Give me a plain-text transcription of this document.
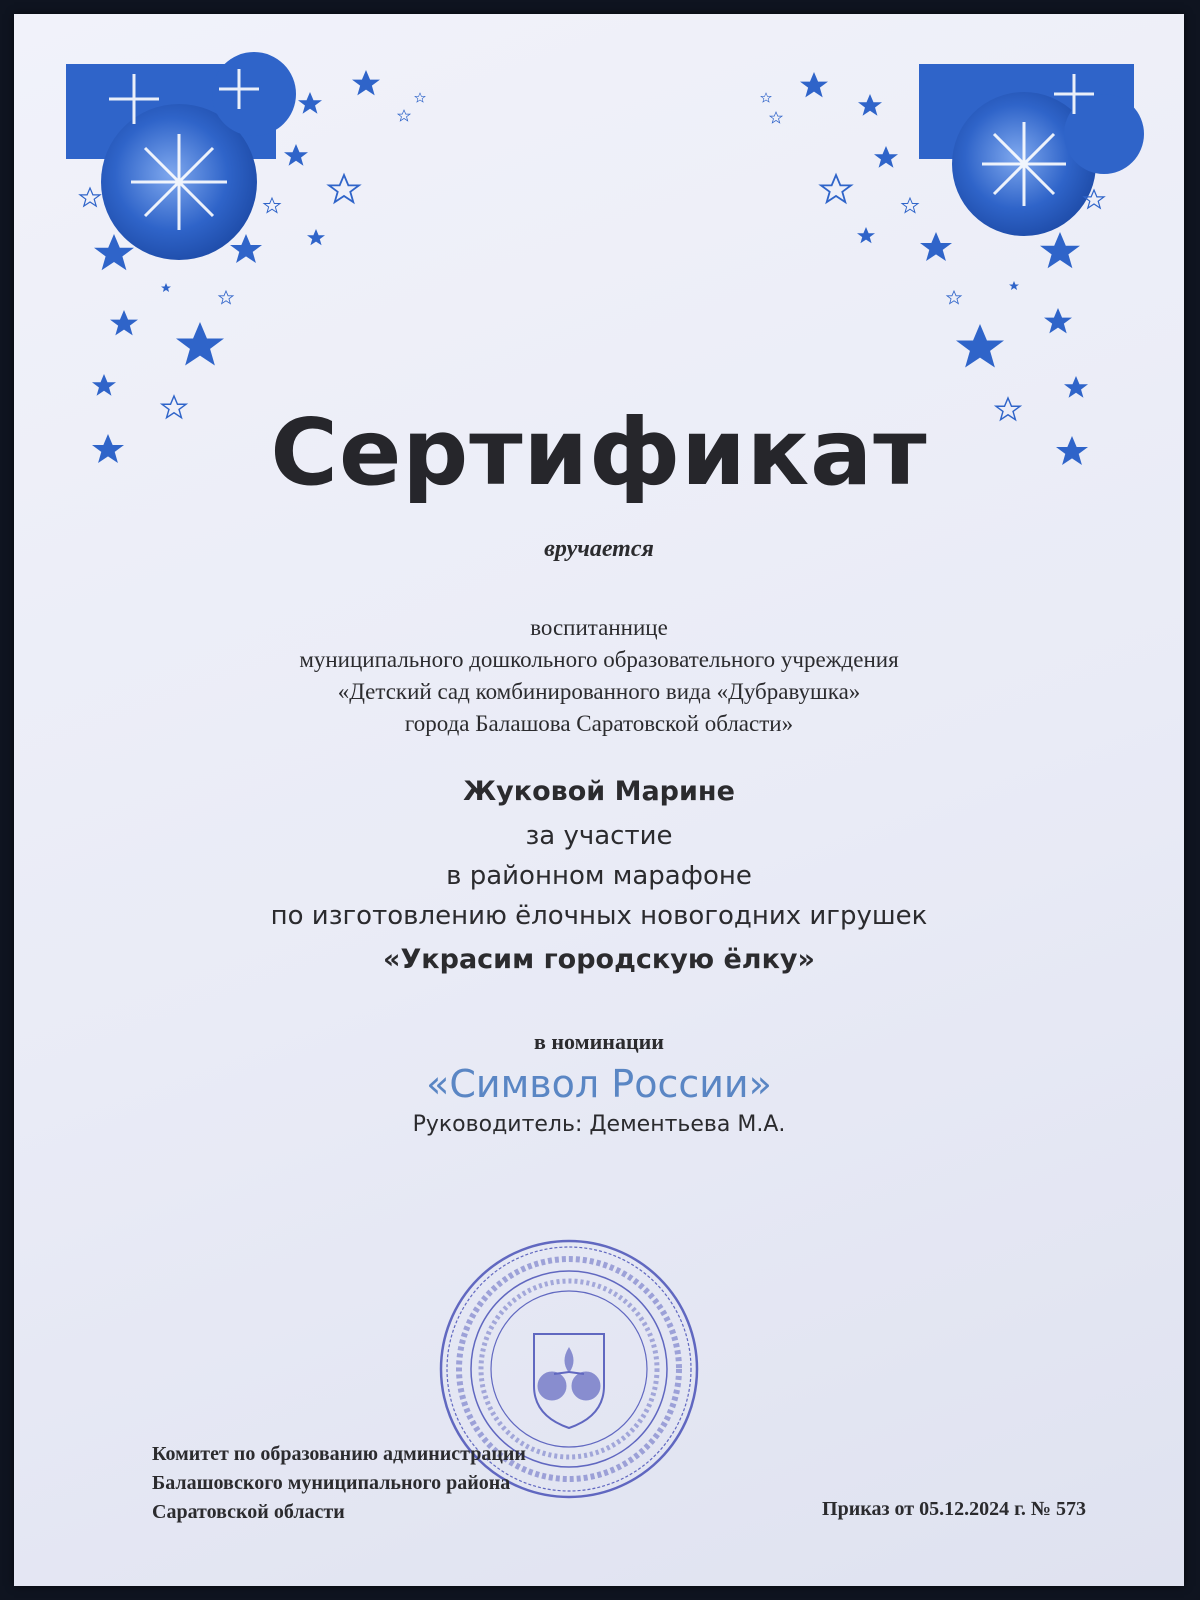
Сертификат
вручается
воспитаннице
муниципального дошкольного образовательного учреждения
«Детский сад комбинированного вида «Дубравушка»
города Балашова Саратовской области»
Жуковой Марине
за участие
в районном марафоне
по изготовлению ёлочных новогодних игрушек
«Украсим городскую ёлку»
в номинации
«Символ России»
Руководитель: Дементьева М.А.
Комитет по образованию администрации
Балашовского муниципального района
Саратовской области	Приказ от 05.12.2024 г. № 573
